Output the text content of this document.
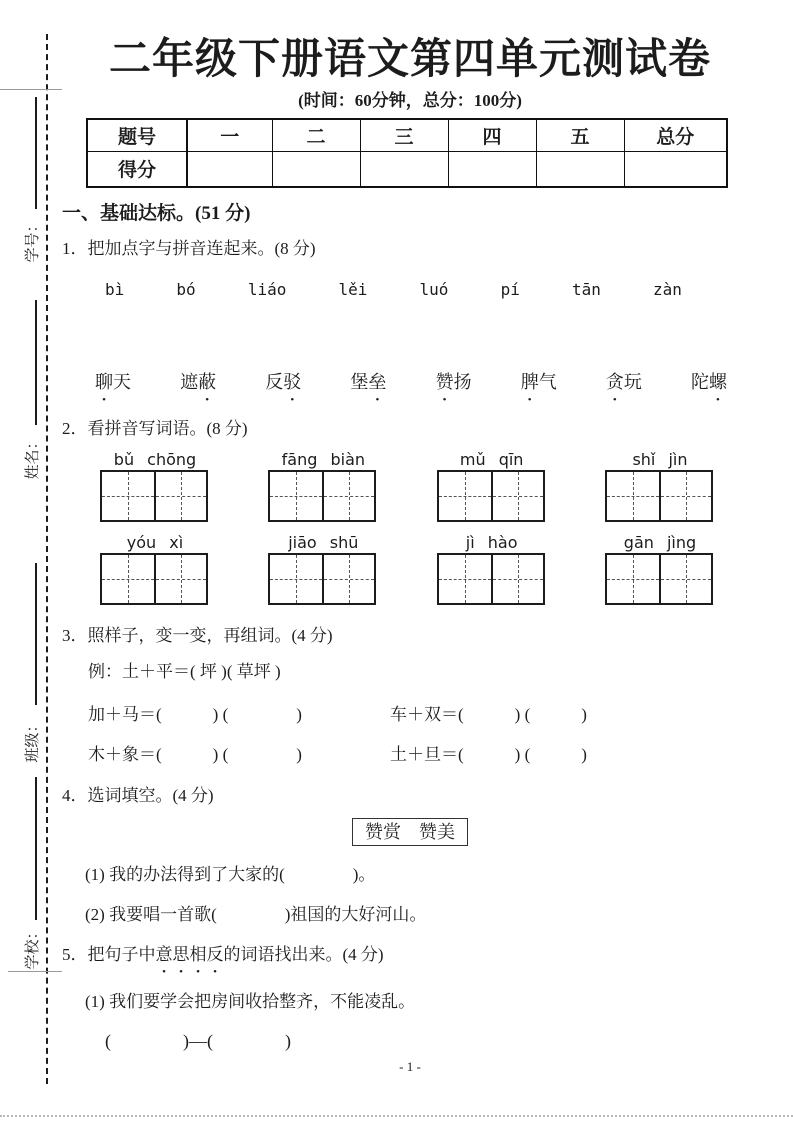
学号：
姓名：
班级：
学校：
二年级下册语文第四单元测试卷
(时间：60分钟，总分：100分)
题号	一	二	三	四	五	总分
得分						
一、基础达标。(51 分)
1．把加点字与拼音连起来。(8 分)
bì	bó	liáo	lěi	luó	pí	tān	zàn
聊天	遮蔽	反驳	堡垒	赞扬	脾气	贪玩	陀螺
2．看拼音写词语。(8 分)
bǔ chōng	fāng biàn	mǔ qīn	shǐ jìn
yóu xì	jiāo shū	jì hào	gān jìng
3．照样子，变一变，再组词。(4 分)
例：土＋平＝( 坪 )( 草坪 )
加＋马＝(　　　) (　　　　)	车＋双＝(　　　) (　　　)
木＋象＝(　　　) (　　　　)	土＋旦＝(　　　) (　　　)
4．选词填空。(4 分)
赞赏　赞美
(1) 我的办法得到了大家的(　　　　)。
(2) 我要唱一首歌(　　　　)祖国的大好河山。
5．把句子中意思相反的词语找出来。(4 分)
(1) 我们要学会把房间收拾整齐，不能凌乱。
(　　　　)—(　　　　)
- 1 -
